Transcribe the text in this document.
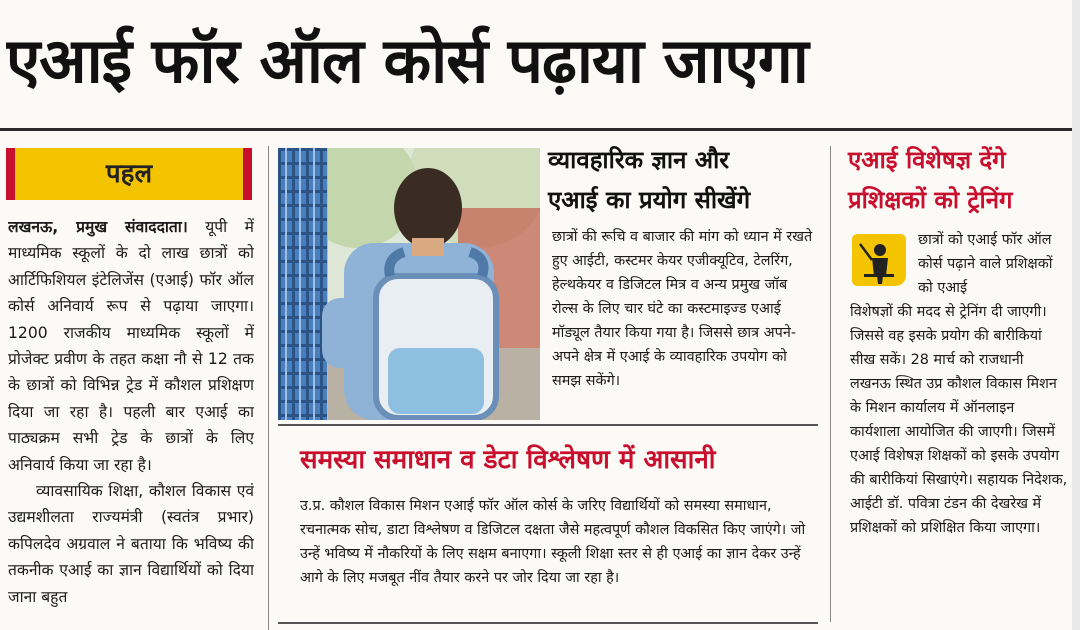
एआई फॉर ऑल कोर्स पढ़ाया जाएगा
पहल

लखनऊ, प्रमुख संवाददाता। यूपी में माध्यमिक स्कूलों के दो लाख छात्रों को आर्टिफिशियल इंटेलिजेंस (एआई) फॉर ऑल कोर्स अनिवार्य रूप से पढ़ाया जाएगा।1200 राजकीय माध्यमिक स्कूलों में प्रोजेक्ट प्रवीण के तहत कक्षा नौ से 12 तक के छात्रों को विभिन्न ट्रेड में कौशल प्रशिक्षण दिया जा रहा है। पहली बार एआई का पाठ्यक्रम सभी ट्रेड के छात्रों के लिए अनिवार्य किया जा रहा है।

व्यावसायिक शिक्षा, कौशल विकास एवं उद्यमशीलता राज्यमंत्री (स्वतंत्र प्रभार) कपिलदेव अग्रवाल ने बताया कि भविष्य की तकनीक एआई का ज्ञान विद्यार्थियों को दिया जाना बहुत

व्यावहारिक ज्ञान और
एआई का प्रयोग सीखेंगे
छात्रों की रूचि व बाजार की मांग को ध्यान में रखते हुए आईटी, कस्टमर केयर एजीक्यूटिव, टेलरिंग, हेल्थकेयर व डिजिटल मित्र व अन्य प्रमुख जॉब रोल्स के लिए चार घंटे का कस्टमाइज्ड एआई मॉड्यूल तैयार किया गया है। जिससे छात्र अपने-अपने क्षेत्र में एआई के व्यावहारिक उपयोग को समझ सकेंगे।
समस्या समाधान व डेटा विश्लेषण में आसानी
उ.प्र. कौशल विकास मिशन एआई फॉर ऑल कोर्स के जरिए विद्यार्थियों को समस्या समाधान, रचनात्मक सोच, डाटा विश्लेषण व डिजिटल दक्षता जैसे महत्वपूर्ण कौशल विकसित किए जाएंगे। जो उन्हें भविष्य में नौकरियों के लिए सक्षम बनाएगा। स्कूली शिक्षा स्तर से ही एआई का ज्ञान देकर उन्हें आगे के लिए मजबूत नींव तैयार करने पर जोर दिया जा रहा है।
एआई विशेषज्ञ देंगे
प्रशिक्षकों को ट्रेनिंग
छात्रों को एआई फॉर ऑल कोर्स पढ़ाने वाले प्रशिक्षकों को एआई
विशेषज्ञों की मदद से ट्रेनिंग दी जाएगी। जिससे वह इसके प्रयोग की बारीकियां सीख सकें। 28 मार्च को राजधानी लखनऊ स्थित उप्र कौशल विकास मिशन के मिशन कार्यालय में ऑनलाइन कार्यशाला आयोजित की जाएगी। जिसमें एआई विशेषज्ञ शिक्षकों को इसके उपयोग की बारीकियां सिखाएंगे। सहायक निदेशक, आईटी डॉ. पवित्रा टंडन की देखरेख में प्रशिक्षकों को प्रशिक्षित किया जाएगा।
